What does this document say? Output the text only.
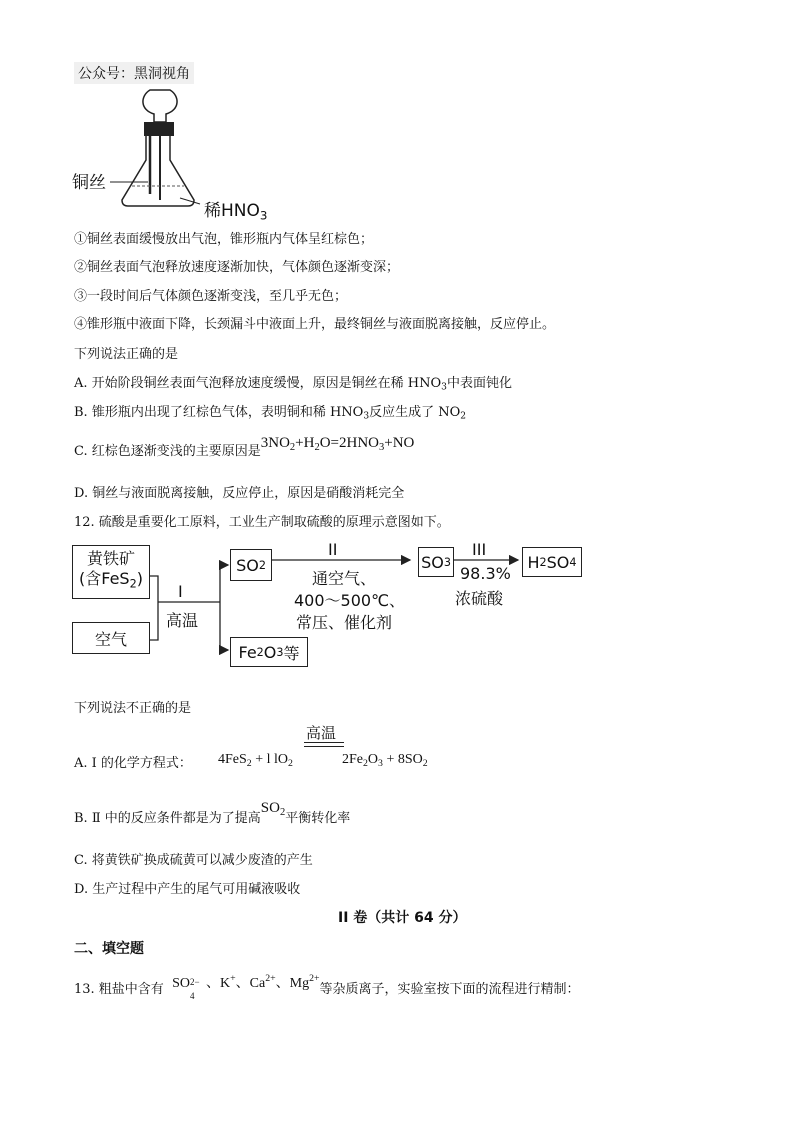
公众号：黑洞视角
铜丝
稀$HNO_3$
①铜丝表面缓慢放出气泡，锥形瓶内气体呈红棕色；
②铜丝表面气泡释放速度逐渐加快，气体颜色逐渐变深；
③一段时间后气体颜色逐渐变浅，至几乎无色；
④锥形瓶中液面下降，长颈漏斗中液面上升，最终铜丝与液面脱离接触，反应停止。
下列说法正确的是
A. 开始阶段铜丝表面气泡释放速度缓慢，原因是铜丝在稀 $HNO_3$中表面钝化
B. 锥形瓶内出现了红棕色气体，表明铜和稀 $HNO_3$反应生成了 $NO_2$
C. 红棕色逐渐变浅的主要原因是$3NO_2+H_2O=2HNO_3+NO$
D. 铜丝与液面脱离接触，反应停止，原因是硝酸消耗完全
12. 硫酸是重要化工原料，工业生产制取硫酸的原理示意图如下。
黄铁矿
(含FeS$_2$)
空气
I
高温
SO 2
II
通空气、
400～500℃、
常压、催化剂
SO 3
III
98.3%
浓硫酸
H 2 SO 4
Fe 2 O 3 等
下列说法不正确的是
A. Ⅰ 的化学方程式：
高温
4FeS$_2$ + l $lO_2$	$2Fe_2O_3 + 8SO_2$
B. Ⅱ 中的反应条件都是为了提高$SO_2$平衡转化率
C. 将黄铁矿换成硫黄可以减少废渣的产生
D. 生产过程中产生的尾气可用碱液吸收
II 卷（共计 64 分）
二、填空题
13. 粗盐中含有 SO 2−
4
、K+、$Ca^{2+}$、$Mg^{2+}$等杂质离子，实验室按下面的流程进行精制：
